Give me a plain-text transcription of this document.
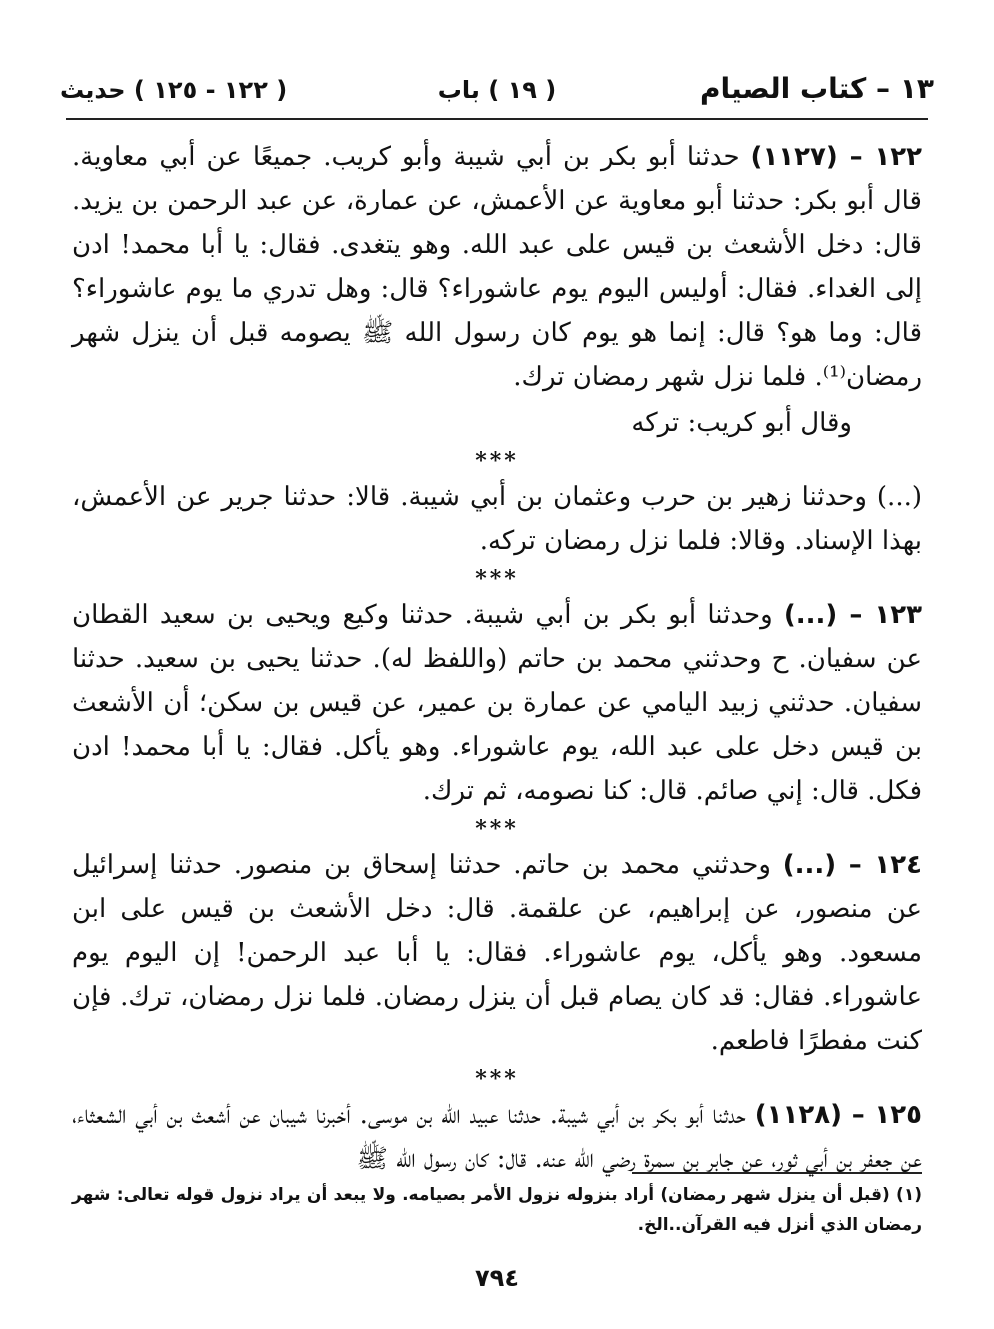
١٣ – كتاب الصيام
( ١٩ ) باب
( ١٢٢ - ١٢٥ ) حديث

١٢٢ – (١١٢٧) حدثنا أبو بكر بن أبي شيبة وأبو كريب. جميعًا عن أبي معاوية. قال أبو بكر: حدثنا أبو معاوية عن الأعمش، عن عمارة، عن عبد الرحمن بن يزيد. قال: دخل الأشعث بن قيس على عبد الله. وهو يتغدى. فقال: يا أبا محمد! ادن إلى الغداء. فقال: أوليس اليوم يوم عاشوراء؟ قال: وهل تدري ما يوم عاشوراء؟ قال: وما هو؟ قال: إنما هو يوم كان رسول الله ﷺ يصومه قبل أن ينزل شهر رمضان⁽¹⁾. فلما نزل شهر رمضان ترك.

وقال أبو كريب: تركه

***

(...) وحدثنا زهير بن حرب وعثمان بن أبي شيبة. قالا: حدثنا جرير عن الأعمش، بهذا الإسناد. وقالا: فلما نزل رمضان تركه.

***

١٢٣ – (...) وحدثنا أبو بكر بن أبي شيبة. حدثنا وكيع ويحيى بن سعيد القطان عن سفيان. ح وحدثني محمد بن حاتم (واللفظ له). حدثنا يحيى بن سعيد. حدثنا سفيان. حدثني زبيد اليامي عن عمارة بن عمير، عن قيس بن سكن؛ أن الأشعث بن قيس دخل على عبد الله، يوم عاشوراء. وهو يأكل. فقال: يا أبا محمد! ادن فكل. قال: إني صائم. قال: كنا نصومه، ثم ترك.

***

١٢٤ – (...) وحدثني محمد بن حاتم. حدثنا إسحاق بن منصور. حدثنا إسرائيل عن منصور، عن إبراهيم، عن علقمة. قال: دخل الأشعث بن قيس على ابن مسعود. وهو يأكل، يوم عاشوراء. فقال: يا أبا عبد الرحمن! إن اليوم يوم عاشوراء. فقال: قد كان يصام قبل أن ينزل رمضان. فلما نزل رمضان، ترك. فإن كنت مفطرًا فاطعم.

***

١٢٥ – (١١٢٨) حدثنا أبو بكر بن أبي شيبة. حدثنا عبيد الله بن موسى. أخبرنا شيبان عن أشعث بن أبي الشعثاء، عن جعفر بن أبي ثور، عن جابر بن سمرة رضي الله عنه. قال: كان رسول الله ﷺ

(١) (قبل أن ينزل شهر رمضان) أراد بنزوله نزول الأمر بصيامه. ولا يبعد أن يراد نزول قوله تعالى: شهر رمضان الذي أنزل فيه القرآن..الخ.
٧٩٤
